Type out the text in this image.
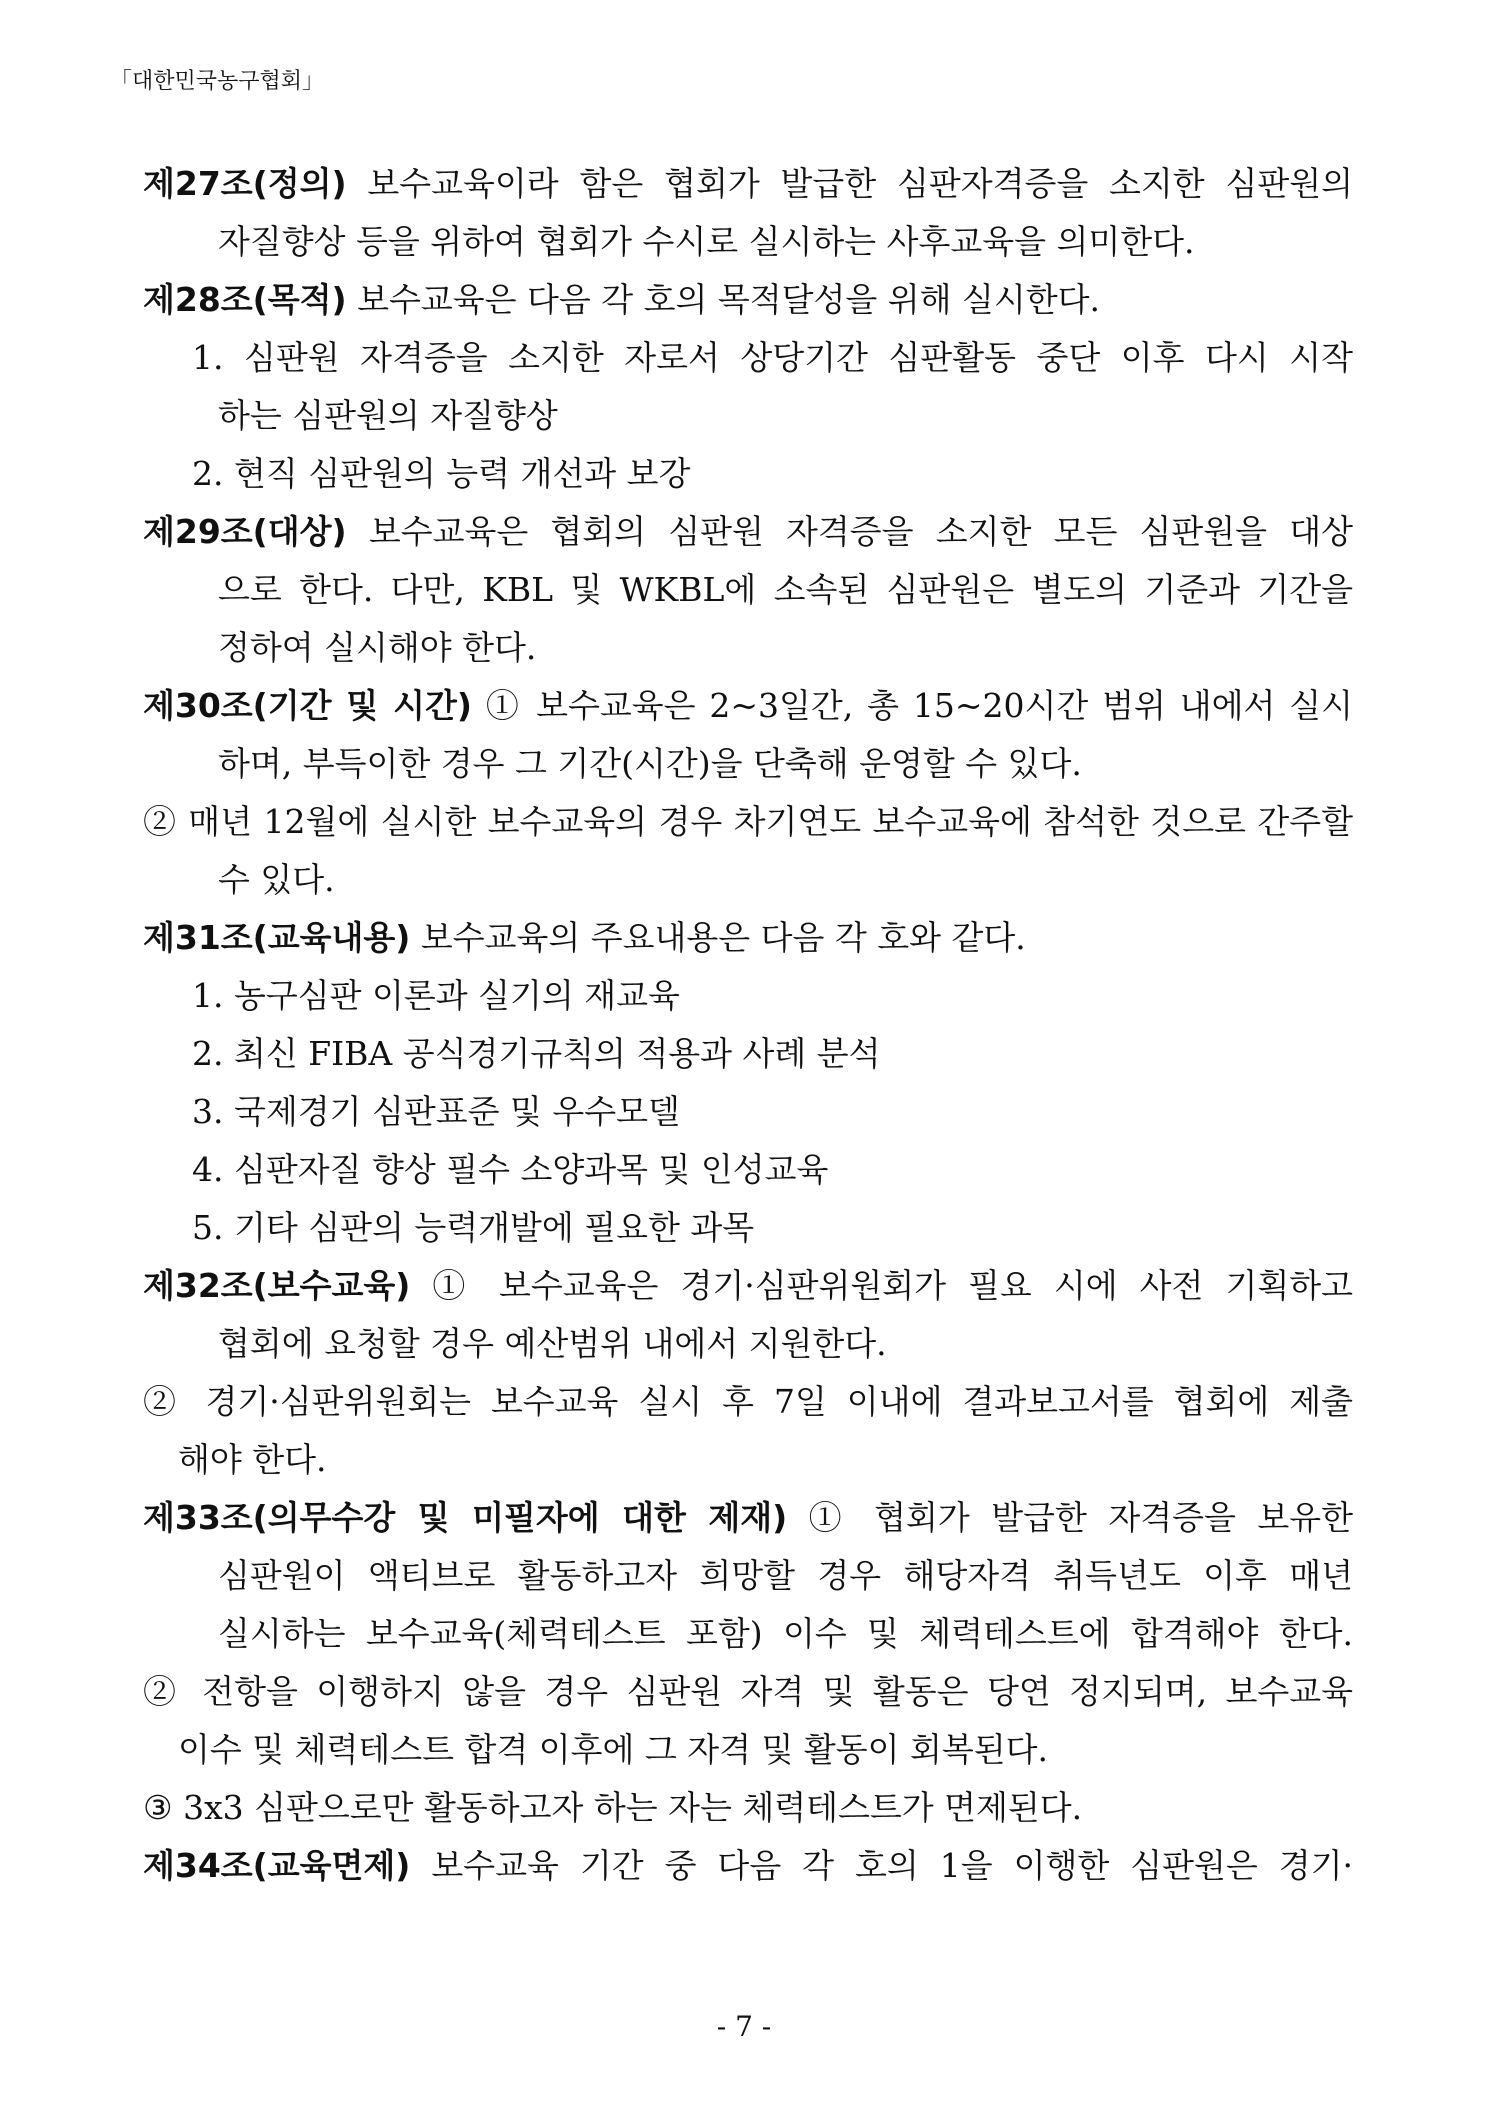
「대한민국농구협회」
제27조(정의) 보수교육이라 함은 협회가 발급한 심판자격증을 소지한 심판원의
자질향상 등을 위하여 협회가 수시로 실시하는 사후교육을 의미한다.
제28조(목적) 보수교육은 다음 각 호의 목적달성을 위해 실시한다.
1. 심판원 자격증을 소지한 자로서 상당기간 심판활동 중단 이후 다시 시작
하는 심판원의 자질향상
2. 현직 심판원의 능력 개선과 보강
제29조(대상) 보수교육은 협회의 심판원 자격증을 소지한 모든 심판원을 대상
으로 한다. 다만, KBL 및 WKBL에 소속된 심판원은 별도의 기준과 기간을
정하여 실시해야 한다.
제30조(기간 및 시간) ① 보수교육은 2~3일간, 총 15~20시간 범위 내에서 실시
하며, 부득이한 경우 그 기간(시간)을 단축해 운영할 수 있다.
② 매년 12월에 실시한 보수교육의 경우 차기연도 보수교육에 참석한 것으로 간주할
수 있다.
제31조(교육내용) 보수교육의 주요내용은 다음 각 호와 같다.
1. 농구심판 이론과 실기의 재교육
2. 최신 FIBA 공식경기규칙의 적용과 사례 분석
3. 국제경기 심판표준 및 우수모델
4. 심판자질 향상 필수 소양과목 및 인성교육
5. 기타 심판의 능력개발에 필요한 과목
제32조(보수교육) ① 보수교육은 경기·심판위원회가 필요 시에 사전 기획하고
협회에 요청할 경우 예산범위 내에서 지원한다.
② 경기·심판위원회는 보수교육 실시 후 7일 이내에 결과보고서를 협회에 제출
해야 한다.
제33조(의무수강 및 미필자에 대한 제재) ① 협회가 발급한 자격증을 보유한
심판원이 액티브로 활동하고자 희망할 경우 해당자격 취득년도 이후 매년
실시하는 보수교육(체력테스트 포함) 이수 및 체력테스트에 합격해야 한다.
② 전항을 이행하지 않을 경우 심판원 자격 및 활동은 당연 정지되며, 보수교육
이수 및 체력테스트 합격 이후에 그 자격 및 활동이 회복된다.
③ 3x3 심판으로만 활동하고자 하는 자는 체력테스트가 면제된다.
제34조(교육면제) 보수교육 기간 중 다음 각 호의 1을 이행한 심판원은 경기·
- 7 -
